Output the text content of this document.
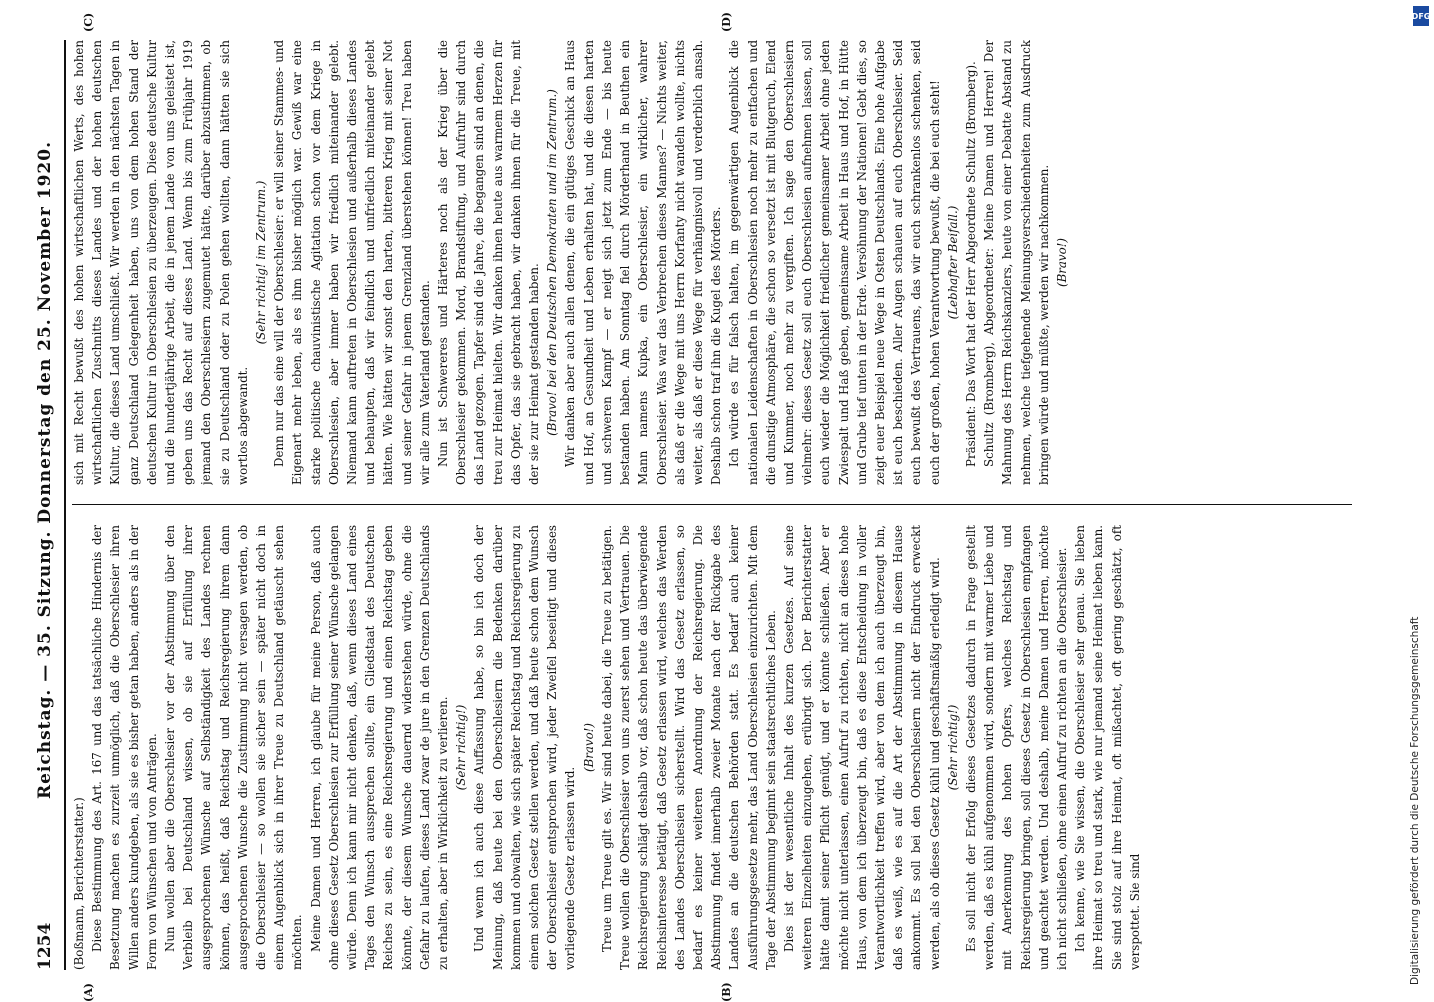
1254
Reichstag. — 35. Sitzung. Donnerstag den 25. November 1920.
(A)	(B)
(C)	(D)

(Boßmann, Berichterstatter.) Diese Bestimmung des Art. 167 und das tatsächliche Hindernis der Besetzung machen es zurzeit unmöglich, daß die Oberschlesier ihren Willen anders kundgeben, als sie es bisher getan haben, anders als in der Form von Wünschen und von Anträgen. Nun wollen aber die Oberschlesier vor der Abstimmung über den Verbleib bei Deutschland wissen, ob sie auf Erfüllung ihrer ausgesprochenen Wünsche auf Selbständigkeit des Landes rechnen können, das heißt, daß Reichstag und Reichsregierung ihrem dann ausgesprochenen Wunsche die Zustimmung nicht versagen werden, ob die Oberschlesier — so wollen sie sicher sein — später nicht doch in einem Augenblick sich in ihrer Treue zu Deutschland getäuscht sehen möchten. Meine Damen und Herren, ich glaube für meine Person, daß auch ohne dieses Gesetz Oberschlesien zur Erfüllung seiner Wünsche gelangen würde. Denn ich kann mir nicht denken, daß, wenn dieses Land eines Tages den Wunsch aussprechen sollte, ein Gliedstaat des Deutschen Reiches zu sein, es eine Reichsregierung und einen Reichstag geben könnte, der diesem Wunsche dauernd widerstehen würde, ohne die Gefahr zu laufen, dieses Land zwar de jure in den Grenzen Deutschlands zu erhalten, aber in Wirklichkeit zu verlieren. (Sehr richtig!) Und wenn ich auch diese Auffassung habe, so bin ich doch der Meinung, daß heute bei den Oberschlesiern die Bedenken darüber kommen und obwalten, wie sich später Reichstag und Reichsregierung zu einem solchen Gesetz stellen werden, und daß heute schon dem Wunsch der Oberschlesier entsprochen wird, jeder Zweifel beseitigt und dieses vorliegende Gesetz erlassen wird.

(Bravo!) Treue um Treue gilt es. Wir sind heute dabei, die Treue zu betätigen. Treue wollen die Oberschlesier von uns zuerst sehen und Vertrauen. Die Reichsregierung schlägt deshalb vor, daß schon heute das überwiegende Reichsinteresse betätigt, daß Gesetz erlassen wird, welches das Werden des Landes Oberschlesien sicherstellt. Wird das Gesetz erlassen, so bedarf es keiner weiteren Anordnung der Reichsregierung. Die Abstimmung findet innerhalb zweier Monate nach der Rückgabe des Landes an die deutschen Behörden statt. Es bedarf auch keiner Ausführungsgesetze mehr, das Land Oberschlesien einzurichten. Mit dem Tage der Abstimmung beginnt sein staatsrechtliches Leben. Dies ist der wesentliche Inhalt des kurzen Gesetzes. Auf seine weiteren Einzelheiten einzugehen, erübrigt sich. Der Berichterstatter hätte damit seiner Pflicht genügt, und er könnte schließen. Aber er möchte nicht unterlassen, einen Aufruf zu richten, nicht an dieses hohe Haus, von dem ich überzeugt bin, daß es diese Entscheidung in voller Verantwortlichkeit treffen wird, aber von dem ich auch überzeugt bin, daß es weiß, wie es auf die Art der Abstimmung in diesem Hause ankommt. Es soll bei den Oberschlesiern nicht der Eindruck erweckt werden, als ob dieses Gesetz kühl und geschäftsmäßig erledigt wird. (Sehr richtig!) Es soll nicht der Erfolg dieses Gesetzes dadurch in Frage gestellt werden, daß es kühl aufgenommen wird, sondern mit warmer Liebe und mit Anerkennung des hohen Opfers, welches Reichstag und Reichsregierung bringen, soll dieses Gesetz in Oberschlesien empfangen und geachtet werden. Und deshalb, meine Damen und Herren, möchte ich nicht schließen, ohne einen Aufruf zu richten an die Oberschlesier. Ich kenne, wie Sie wissen, die Oberschlesier sehr genau. Sie lieben ihre Heimat so treu und stark, wie nur jemand seine Heimat lieben kann. Sie sind stolz auf ihre Heimat, oft mißachtet, oft gering geschätzt, oft verspottet. Sie sind

sich mit Recht bewußt des hohen wirtschaftlichen Werts, des hohen wirtschaftlichen Zuschnitts dieses Landes und der hohen deutschen Kultur, die dieses Land umschließt. Wir werden in den nächsten Tagen in ganz Deutschland Gelegenheit haben, uns von dem hohen Stand der deutschen Kultur in Oberschlesien zu überzeugen. Diese deutsche Kultur und die hundertjährige Arbeit, die in jenem Lande von uns geleistet ist, geben uns das Recht auf dieses Land. Wenn bis zum Frühjahr 1919 jemand den Oberschlesiern zugemutet hätte, darüber abzustimmen, ob sie zu Deutschland oder zu Polen gehen wollten, dann hätten sie sich wortlos abgewandt.

(Sehr richtig! im Zentrum.) Denn nur das eine will der Oberschlesier: er will seiner Stammes- und Eigenart mehr leben, als es ihm bisher möglich war. Gewiß war eine starke politische chauvinistische Agitation schon vor dem Kriege in Oberschlesien, aber immer haben wir friedlich miteinander gelebt. Niemand kann auftreten in Oberschlesien und außerhalb dieses Landes und behaupten, daß wir feindlich und unfriedlich miteinander gelebt hätten. Wie hätten wir sonst den harten, bitteren Krieg mit seiner Not und seiner Gefahr in jenem Grenzland überstehen können! Treu haben wir alle zum Vaterland gestanden. Nun ist Schwereres und Härteres noch als der Krieg über die Oberschlesier gekommen. Mord, Brandstiftung, und Aufruhr sind durch das Land gezogen. Tapfer sind die Jahre, die begangen sind an denen, die treu zur Heimat hielten. Wir danken ihnen heute aus warmem Herzen für das Opfer, das sie gebracht haben, wir danken ihnen für die Treue, mit der sie zur Heimat gestanden haben. (Bravo! bei den Deutschen Demokraten und im Zentrum.) Wir danken aber auch allen denen, die ein gütiges Geschick an Haus und Hof, an Gesundheit und Leben erhalten hat, und die diesen harten und schweren Kampf — er neigt sich jetzt zum Ende — bis heute bestanden haben. Am Sonntag fiel durch Mörderhand in Beuthen ein Mann namens Kupka, ein Oberschlesier, ein wirklicher, wahrer Oberschlesier. Was war das Verbrechen dieses Mannes? — Nichts weiter, als daß er die Wege mit uns Herrn Korfanty nicht wandeln wollte, nichts weiter, als daß er diese Wege für verhängnisvoll und verderblich ansah. Deshalb schon traf ihn die Kugel des Mörders. Ich würde es für falsch halten, im gegenwärtigen Augenblick die nationalen Leidenschaften in Oberschlesien noch mehr zu entfachen und die dunstige Atmosphäre, die schon so versetzt ist mit Blutgeruch, Elend und Kummer, noch mehr zu vergiften. Ich sage den Oberschlesiern vielmehr: dieses Gesetz soll euch Oberschlesien aufnehmen lassen, soll euch wieder die Möglichkeit friedlicher gemeinsamer Arbeit ohne jeden Zwiespalt und Haß geben, gemeinsame Arbeit in Haus und Hof, in Hütte und Grube tief unten in der Erde. Versöhnung der Nationen! Gebt dies, so zeigt euer Beispiel neue Wege in Osten Deutschlands. Eine hohe Aufgabe ist euch beschieden. Aller Augen schauen auf euch Oberschlesier. Seid euch bewußt des Vertrauens, das wir euch schrankenlos schenken, seid euch der großen, hohen Verantwortung bewußt, die bei euch steht! (Lebhafter Beifall.) Präsident: Das Wort hat der Herr Abgeordnete Schultz (Bromberg). Schultz (Bromberg), Abgeordneter: Meine Damen und Herren! Der Mahnung des Herrn Reichskanzlers, heute von einer Debatte Abstand zu nehmen, welche tiefgehende Meinungsverschiedenheiten zum Ausdruck bringen würde und müßte, werden wir nachkommen. (Bravo!)

Digitalisierung gefördert durch die Deutsche Forschungsgemeinschaft
DFG
